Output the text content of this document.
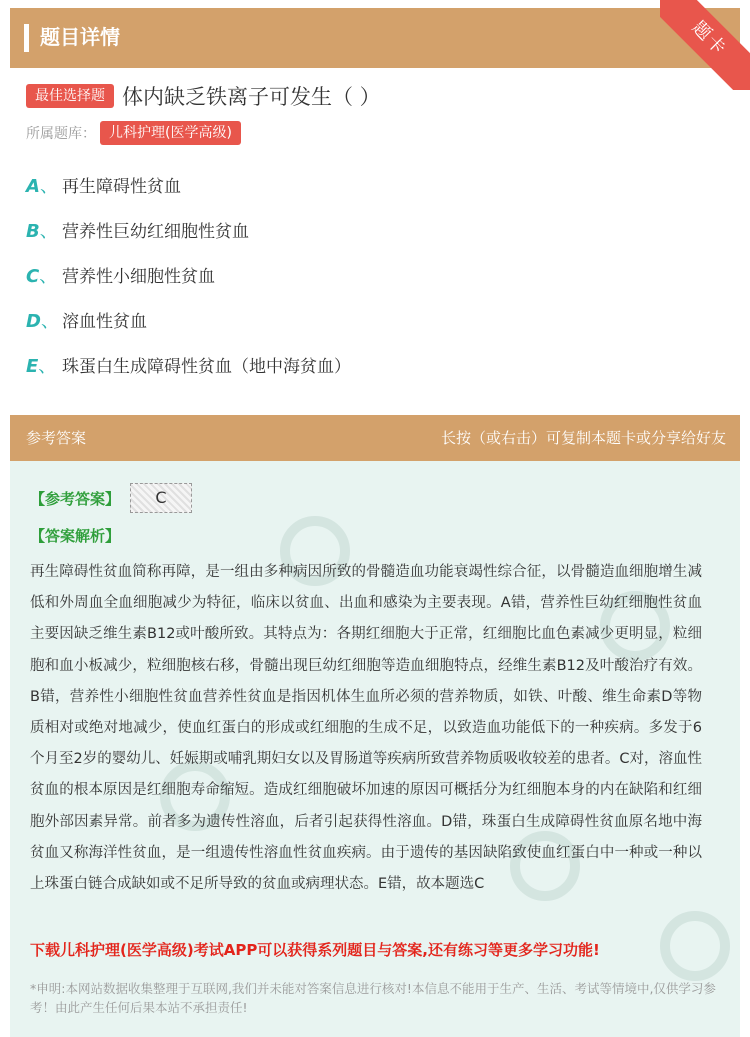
题目详情	题卡
最佳选择题 体内缺乏铁离子可发生（ ）
所属题库： 儿科护理(医学高级)
A、 再生障碍性贫血
B、 营养性巨幼红细胞性贫血
C、 营养性小细胞性贫血
D、 溶血性贫血
E、 珠蛋白生成障碍性贫血（地中海贫血）
参考答案	长按（或右击）可复制本题卡或分享给好友
【参考答案】	C
【答案解析】
再生障碍性贫血简称再障，是一组由多种病因所致的骨髓造血功能衰竭性综合征，以骨髓造血细胞增生减低和外周血全血细胞减少为特征，临床以贫血、出血和感染为主要表现。A错，营养性巨幼红细胞性贫血主要因缺乏维生素B12或叶酸所致。其特点为：各期红细胞大于正常，红细胞比血色素减少更明显，粒细胞和血小板减少，粒细胞核右移，骨髓出现巨幼红细胞等造血细胞特点，经维生素B12及叶酸治疗有效。B错，营养性小细胞性贫血营养性贫血是指因机体生血所必须的营养物质，如铁、叶酸、维生命素D等物质相对或绝对地减少，使血红蛋白的形成或红细胞的生成不足，以致造血功能低下的一种疾病。多发于6个月至2岁的婴幼儿、妊娠期或哺乳期妇女以及胃肠道等疾病所致营养物质吸收较差的患者。C对，溶血性贫血的根本原因是红细胞寿命缩短。造成红细胞破坏加速的原因可概括分为红细胞本身的内在缺陷和红细胞外部因素异常。前者多为遗传性溶血，后者引起获得性溶血。D错，珠蛋白生成障碍性贫血原名地中海贫血又称海洋性贫血，是一组遗传性溶血性贫血疾病。由于遗传的基因缺陷致使血红蛋白中一种或一种以上珠蛋白链合成缺如或不足所导致的贫血或病理状态。E错，故本题选C
下载儿科护理(医学高级)考试APP可以获得系列题目与答案,还有练习等更多学习功能!
*申明:本网站数据收集整理于互联网,我们并未能对答案信息进行核对!本信息不能用于生产、生活、考试等情境中,仅供学习参考！由此产生任何后果本站不承担责任!
